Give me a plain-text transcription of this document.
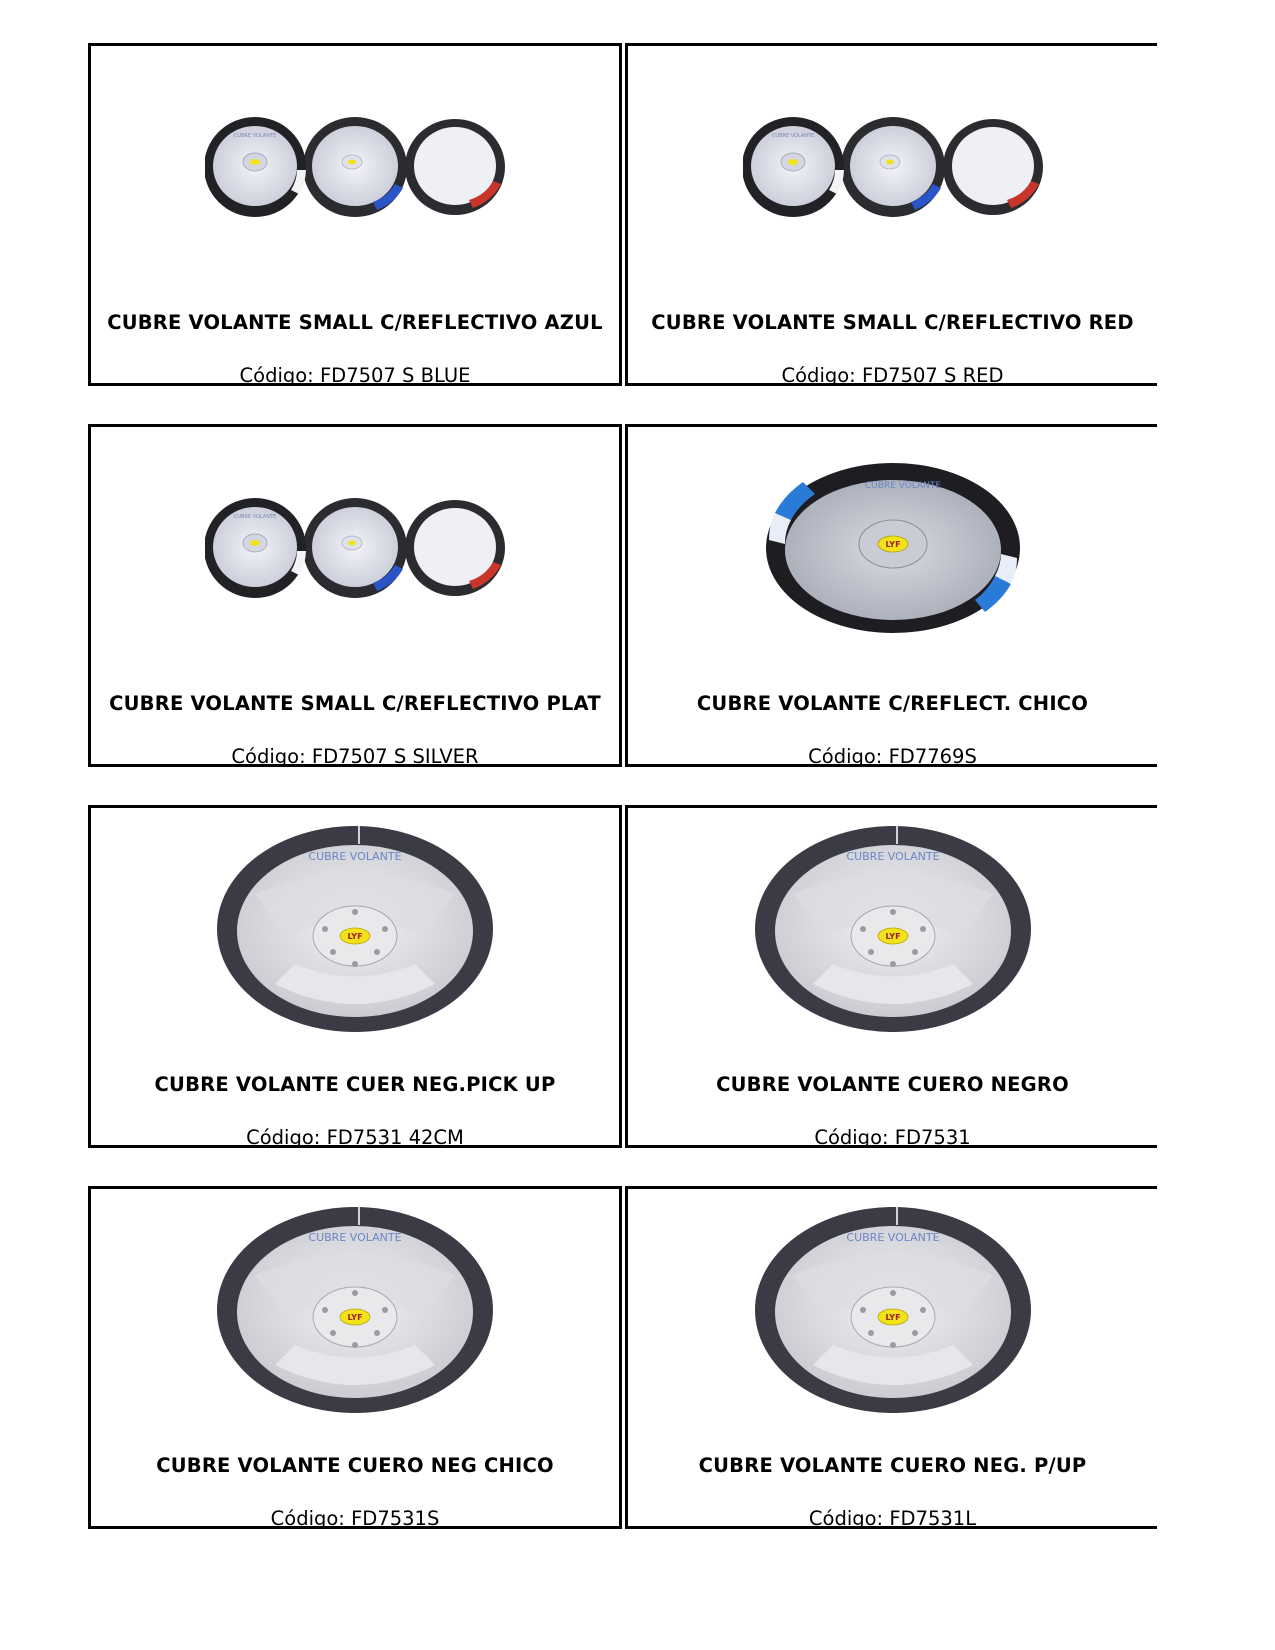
CUBRE VOLANTE
CUBRE VOLANTE SMALL C/REFLECTIVO AZUL
Código: FD7507 S BLUE
CUBRE VOLANTE
CUBRE VOLANTE SMALL C/REFLECTIVO RED
Código: FD7507 S RED
CUBRE VOLANTE
CUBRE VOLANTE SMALL C/REFLECTIVO PLAT
Código: FD7507 S SILVER
LYF
CUBRE VOLANTE
CUBRE VOLANTE C/REFLECT. CHICO
Código: FD7769S
LYF
CUBRE VOLANTE
CUBRE VOLANTE CUER NEG.PICK UP
Código: FD7531 42CM
LYF
CUBRE VOLANTE
CUBRE VOLANTE CUERO NEGRO
Código: FD7531
LYF
CUBRE VOLANTE
CUBRE VOLANTE CUERO NEG CHICO
Código: FD7531S
LYF
CUBRE VOLANTE
CUBRE VOLANTE CUERO NEG. P/UP
Código: FD7531L
